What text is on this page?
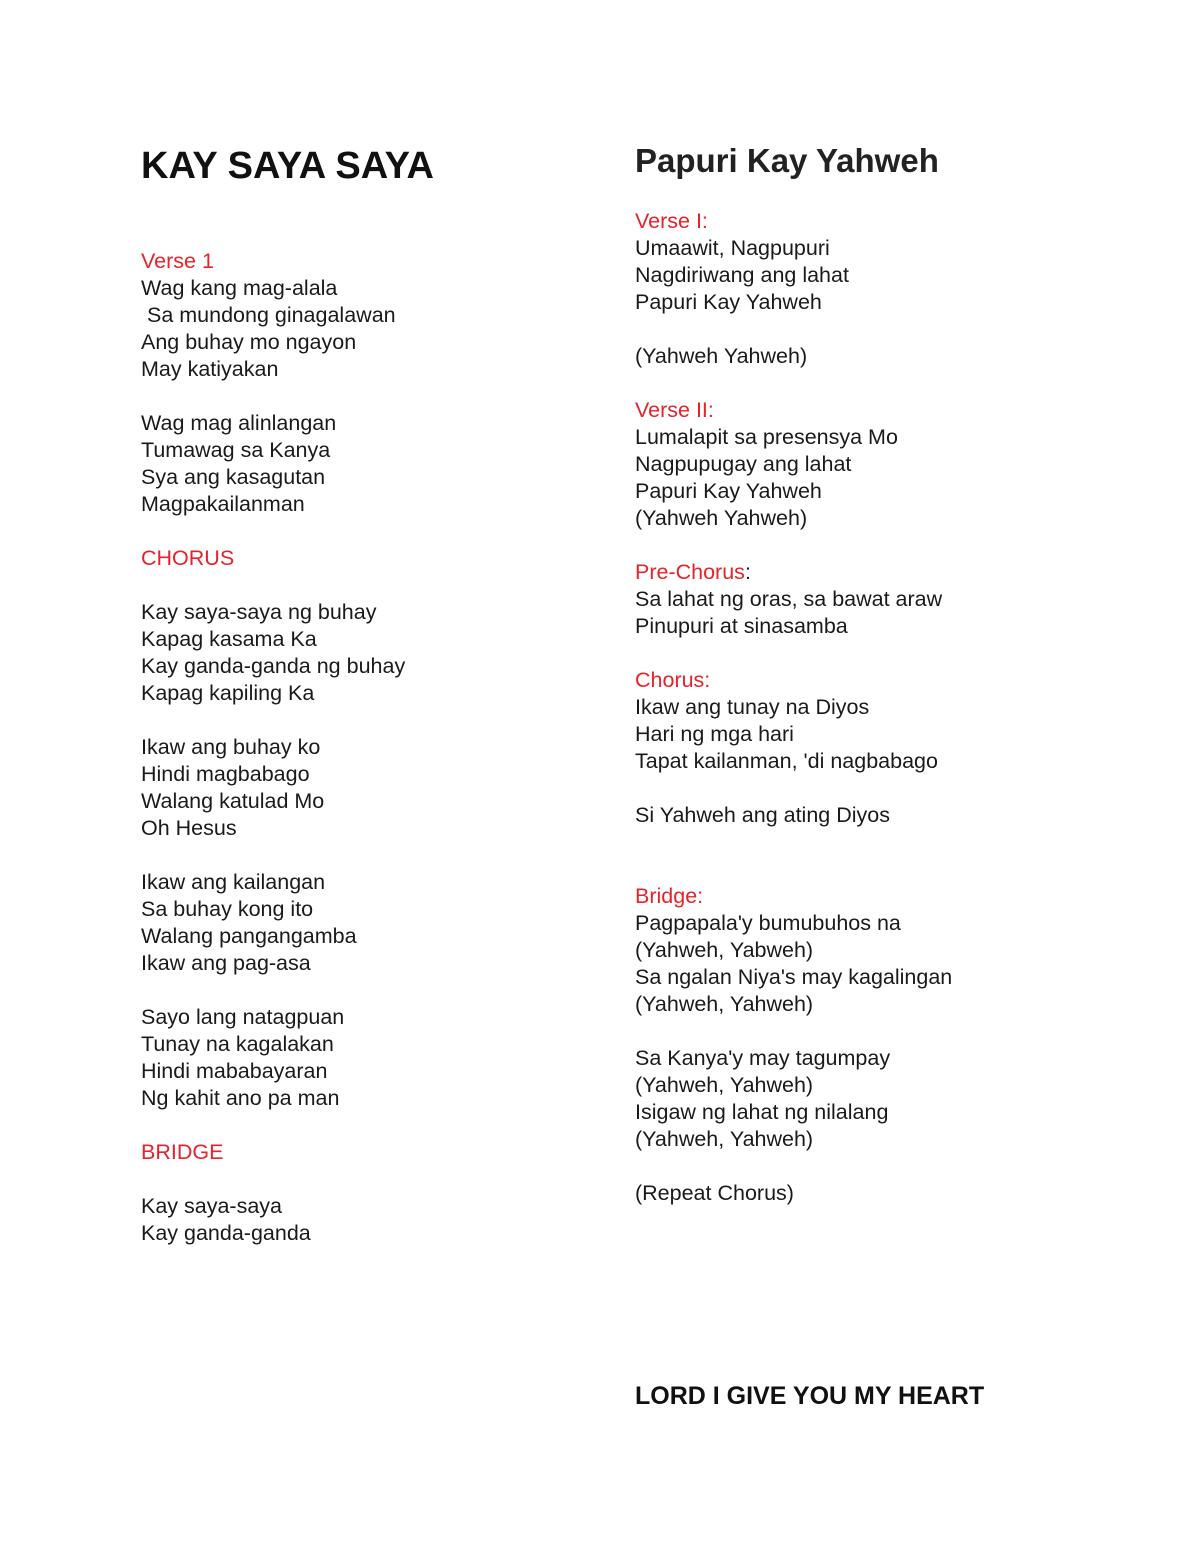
KAY SAYA SAYA
Verse 1
Wag kang mag-alala
Sa mundong ginagalawan
Ang buhay mo ngayon
May katiyakan
Wag mag alinlangan
Tumawag sa Kanya
Sya ang kasagutan
Magpakailanman
CHORUS
Kay saya-saya ng buhay
Kapag kasama Ka
Kay ganda-ganda ng buhay
Kapag kapiling Ka
Ikaw ang buhay ko
Hindi magbabago
Walang katulad Mo
Oh Hesus
Ikaw ang kailangan
Sa buhay kong ito
Walang pangangamba
Ikaw ang pag-asa
Sayo lang natagpuan
Tunay na kagalakan
Hindi mababayaran
Ng kahit ano pa man
BRIDGE
Kay saya-saya
Kay ganda-ganda
Papuri Kay Yahweh
Verse I:
Umaawit, Nagpupuri
Nagdiriwang ang lahat
Papuri Kay Yahweh
(Yahweh Yahweh)
Verse II:
Lumalapit sa presensya Mo
Nagpupugay ang lahat
Papuri Kay Yahweh
(Yahweh Yahweh)
Pre-Chorus:
Sa lahat ng oras, sa bawat araw
Pinupuri at sinasamba
Chorus:
Ikaw ang tunay na Diyos
Hari ng mga hari
Tapat kailanman, 'di nagbabago
Si Yahweh ang ating Diyos
Bridge:
Pagpapala'y bumubuhos na
(Yahweh, Yabweh)
Sa ngalan Niya's may kagalingan
(Yahweh, Yahweh)
Sa Kanya'y may tagumpay
(Yahweh, Yahweh)
Isigaw ng lahat ng nilalang
(Yahweh, Yahweh)
(Repeat Chorus)
LORD I GIVE YOU MY HEART
